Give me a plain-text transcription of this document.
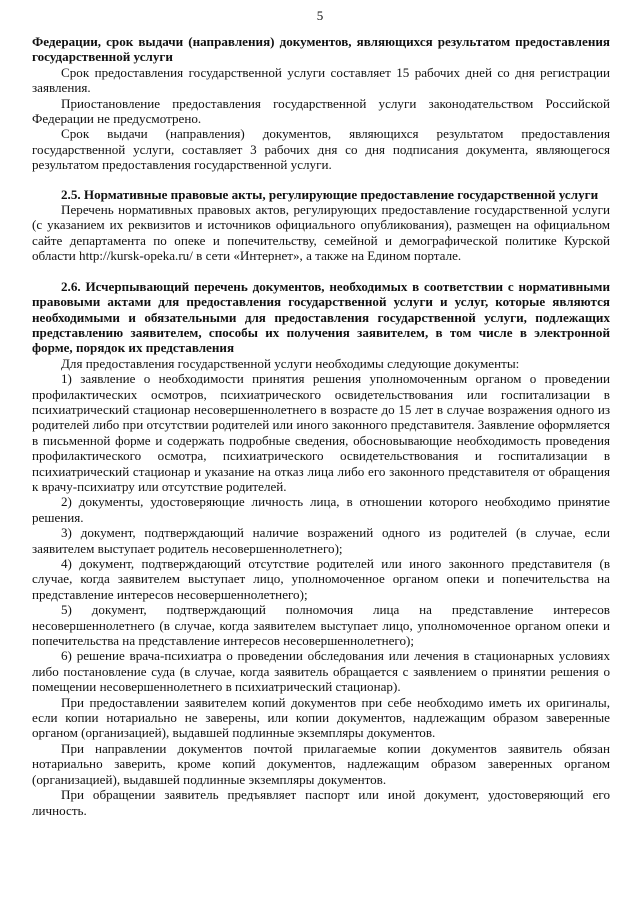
5

Федерации, срок выдачи (направления) документов, являющихся результатом предоставления государственной услуги

Срок предоставления государственной услуги составляет 15 рабочих дней со дня регистрации заявления.

Приостановление предоставления государственной услуги законодательством Российской Федерации не предусмотрено.

Срок выдачи (направления) документов, являющихся результатом предоставления государственной услуги, составляет 3 рабочих дня со дня подписания документа, являющегося результатом предоставления государственной услуги.

2.5. Нормативные правовые акты, регулирующие предоставление государственной услуги

Перечень нормативных правовых актов, регулирующих предоставление государственной услуги (с указанием их реквизитов и источников официального опубликования), размещен на официальном сайте департамента по опеке и попечительству, семейной и демографической политике Курской области http://kursk-opeka.ru/ в сети «Интернет», а также на Едином портале.

2.6. Исчерпывающий перечень документов, необходимых в соответствии с нормативными правовыми актами для предоставления государственной услуги и услуг, которые являются необходимыми и обязательными для предоставления государственной услуги, подлежащих представлению заявителем, способы их получения заявителем, в том числе в электронной форме, порядок их представления

Для предоставления государственной услуги необходимы следующие документы:

1) заявление о необходимости принятия решения уполномоченным органом о проведении профилактических осмотров, психиатрического освидетельствования или госпитализации в психиатрический стационар несовершеннолетнего в возрасте до 15 лет в случае возражения одного из родителей либо при отсутствии родителей или иного законного представителя. Заявление оформляется в письменной форме и содержать подробные сведения, обосновывающие необходимость проведения профилактического осмотра, психиатрического освидетельствования и госпитализации в психиатрический стационар и указание на отказ лица либо его законного представителя от обращения к врачу-психиатру или отсутствие родителей.

2) документы, удостоверяющие личность лица, в отношении которого необходимо принятие решения.

3) документ, подтверждающий наличие возражений одного из родителей (в случае, если заявителем выступает родитель несовершеннолетнего);

4) документ, подтверждающий отсутствие родителей или иного законного представителя (в случае, когда заявителем выступает лицо, уполномоченное органом опеки и попечительства на представление интересов несовершеннолетнего);

5) документ, подтверждающий полномочия лица на представление интересов несовершеннолетнего (в случае, когда заявителем выступает лицо, уполномоченное органом опеки и попечительства на представление интересов несовершеннолетнего);

6) решение врача-психиатра о проведении обследования или лечения в стационарных условиях либо постановление суда (в случае, когда заявитель обращается с заявлением о принятии решения о помещении несовершеннолетнего в психиатрический стационар).

При предоставлении заявителем копий документов при себе необходимо иметь их оригиналы, если копии нотариально не заверены, или копии документов, надлежащим образом заверенные органом (организацией), выдавшей подлинные экземпляры документов.

При направлении документов почтой прилагаемые копии документов заявитель обязан нотариально заверить, кроме копий документов, надлежащим образом заверенных органом (организацией), выдавшей подлинные экземпляры документов.

При обращении заявитель предъявляет паспорт или иной документ, удостоверяющий его личность.
